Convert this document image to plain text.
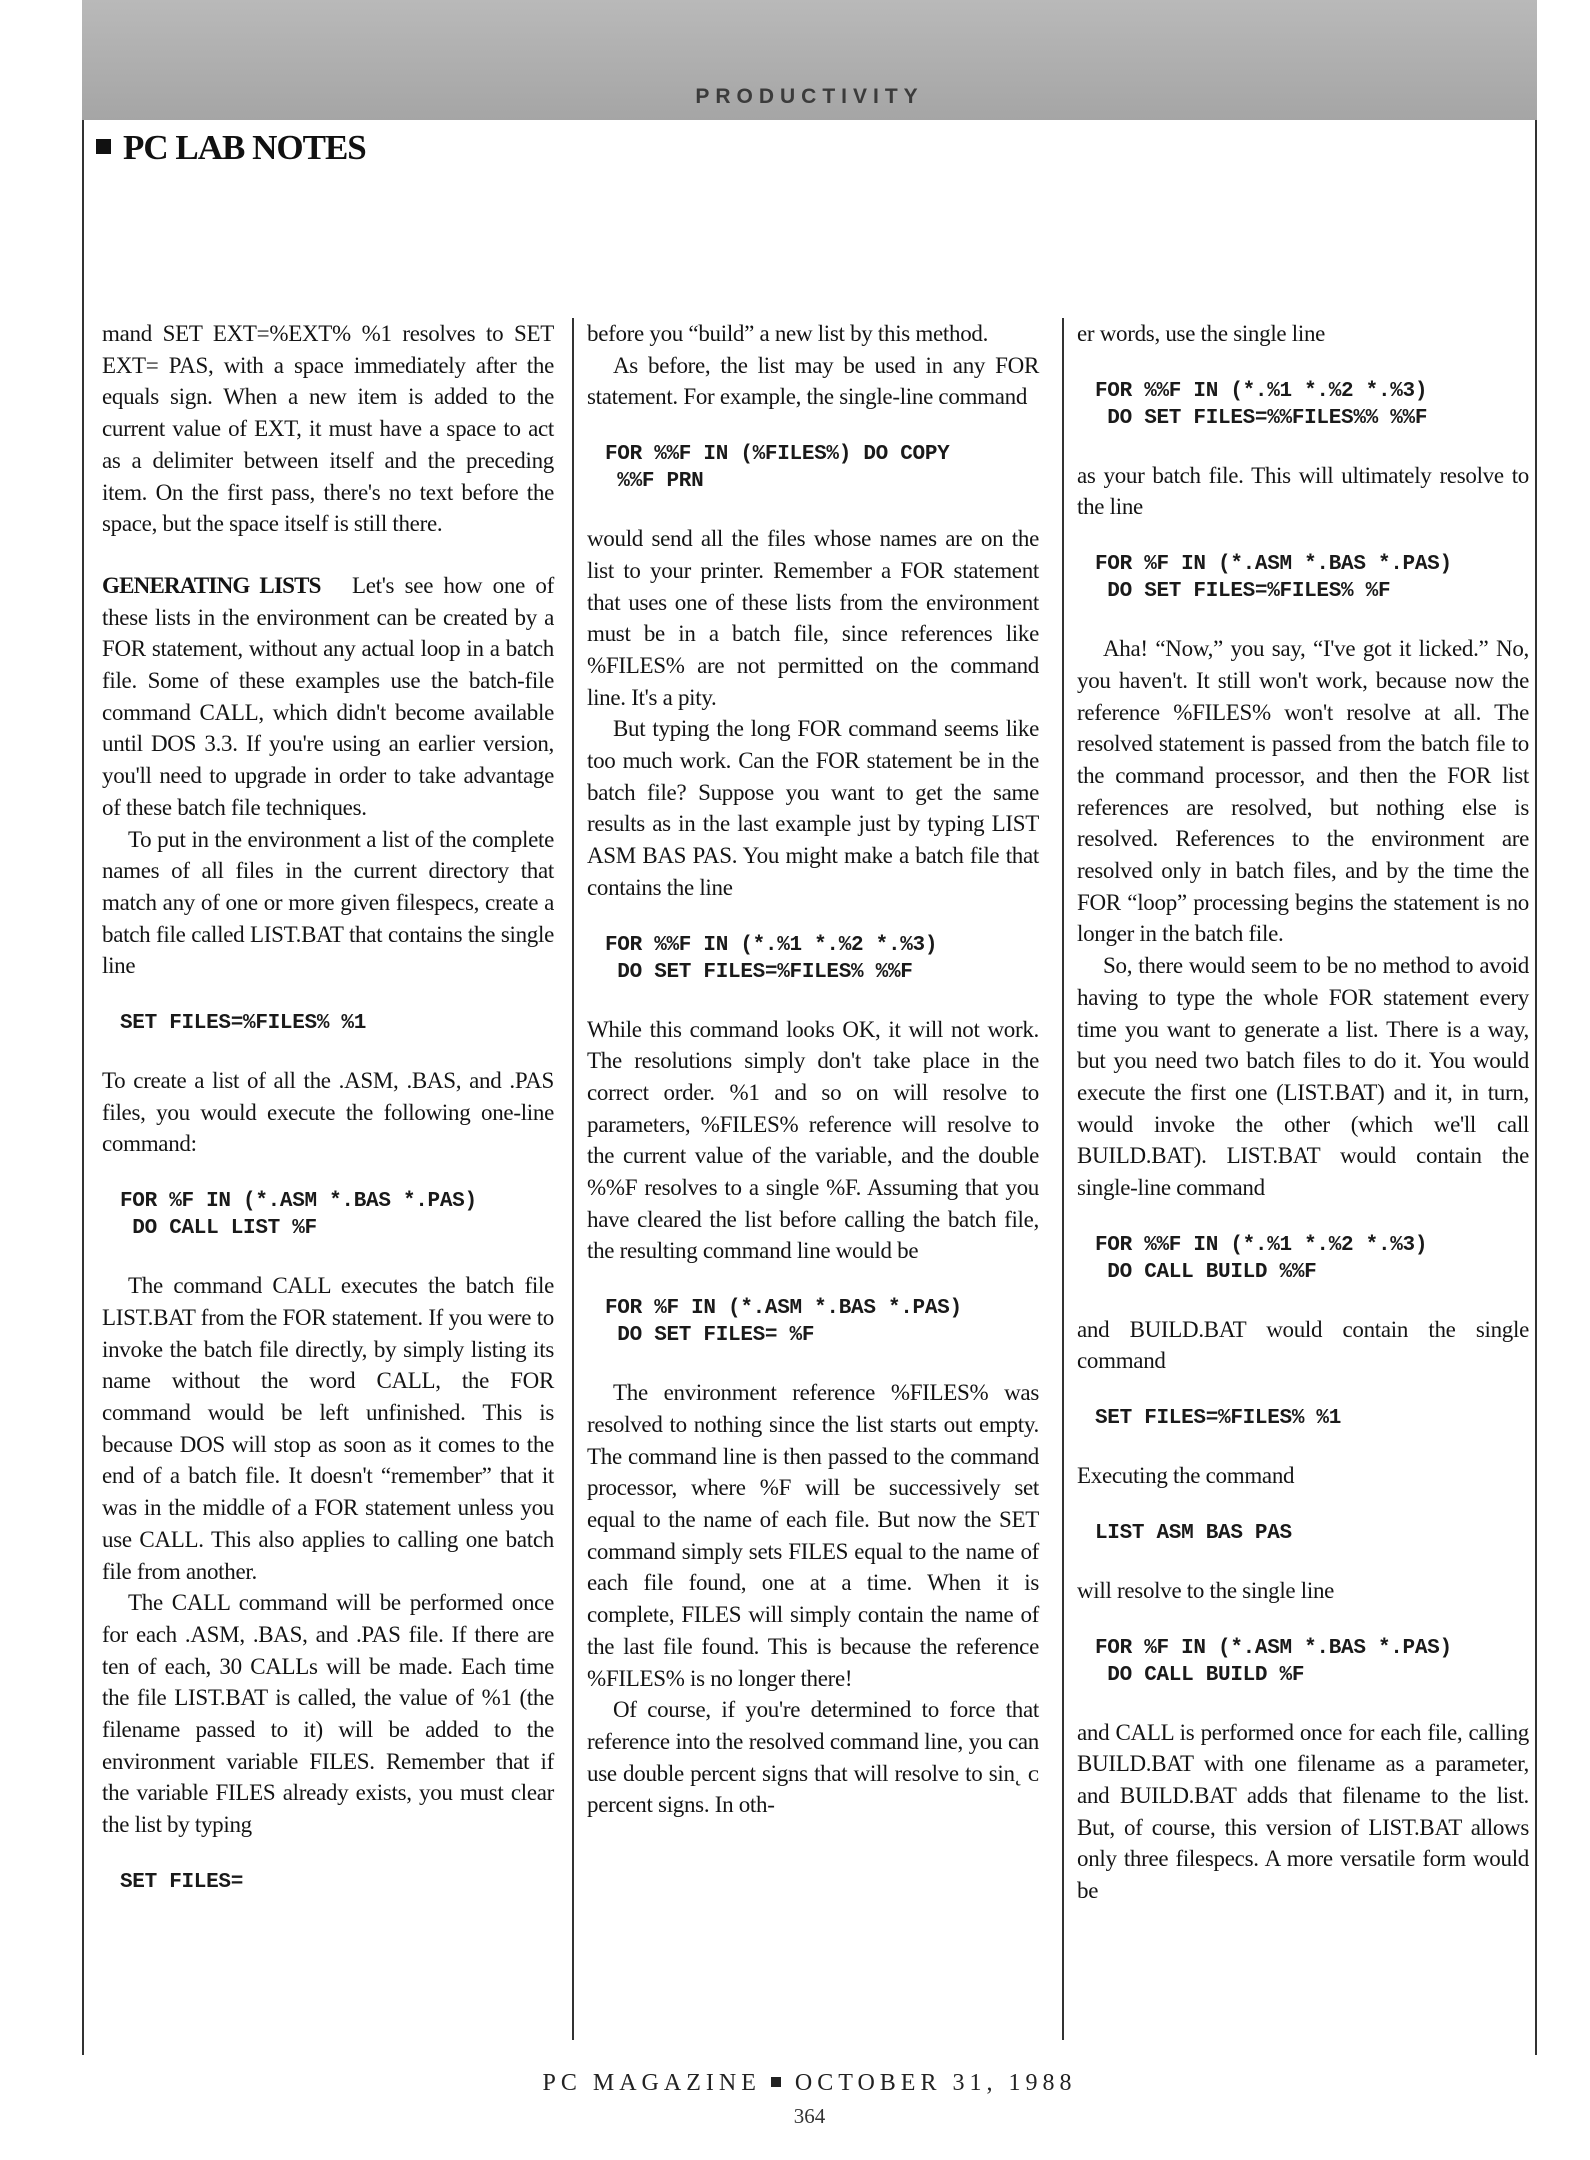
PRODUCTIVITY
PC LAB NOTES

mand SET EXT=%EXT% %1 resolves to SET EXT= PAS, with a space immediately after the equals sign. When a new item is added to the current value of EXT, it must have a space to act as a delimiter between itself and the preceding item. On the first pass, there's no text before the space, but the space itself is still there.

GENERATING LISTS Let's see how one of these lists in the environment can be created by a FOR statement, without any actual loop in a batch file. Some of these examples use the batch-file command CALL, which didn't become available until DOS 3.3. If you're using an earlier version, you'll need to upgrade in order to take advantage of these batch file techniques.

To put in the environment a list of the complete names of all files in the current directory that match any of one or more given filespecs, create a batch file called LIST.BAT that contains the single line

SET FILES=%FILES% %1

To create a list of all the .ASM, .BAS, and .PAS files, you would execute the following one-line command:

FOR %F IN (*.ASM *.BAS *.PAS)
DO CALL LIST %F

The command CALL executes the batch file LIST.BAT from the FOR statement. If you were to invoke the batch file directly, by simply listing its name without the word CALL, the FOR command would be left unfinished. This is because DOS will stop as soon as it comes to the end of a batch file. It doesn't “remember” that it was in the middle of a FOR statement unless you use CALL. This also applies to calling one batch file from another.

The CALL command will be performed once for each .ASM, .BAS, and .PAS file. If there are ten of each, 30 CALLs will be made. Each time the file LIST.BAT is called, the value of %1 (the filename passed to it) will be added to the environment variable FILES. Remember that if the variable FILES already exists, you must clear the list by typing

SET FILES=

before you “build” a new list by this method.

As before, the list may be used in any FOR statement. For example, the single-line command

FOR %%F IN (%FILES%) DO COPY
%%F PRN

would send all the files whose names are on the list to your printer. Remember a FOR statement that uses one of these lists from the environment must be in a batch file, since references like %FILES% are not permitted on the command line. It's a pity.

But typing the long FOR command seems like too much work. Can the FOR statement be in the batch file? Suppose you want to get the same results as in the last example just by typing LIST ASM BAS PAS. You might make a batch file that contains the line

FOR %%F IN (*.%1 *.%2 *.%3)
DO SET FILES=%FILES% %%F

While this command looks OK, it will not work. The resolutions simply don't take place in the correct order. %1 and so on will resolve to parameters, %FILES% reference will resolve to the current value of the variable, and the double %%F resolves to a single %F. Assuming that you have cleared the list before calling the batch file, the resulting command line would be

FOR %F IN (*.ASM *.BAS *.PAS)
DO SET FILES= %F

The environment reference %FILES% was resolved to nothing since the list starts out empty. The command line is then passed to the command processor, where %F will be successively set equal to the name of each file. But now the SET command simply sets FILES equal to the name of each file found, one at a time. When it is complete, FILES will simply contain the name of the last file found. This is because the reference %FILES% is no longer there!

Of course, if you're determined to force that reference into the resolved command line, you can use double percent signs that will resolve to sin˛ ᴄ percent signs. In oth-

er words, use the single line

FOR %%F IN (*.%1 *.%2 *.%3)
DO SET FILES=%%FILES%% %%F

as your batch file. This will ultimately resolve to the line

FOR %F IN (*.ASM *.BAS *.PAS)
DO SET FILES=%FILES% %F

Aha! “Now,” you say, “I've got it licked.” No, you haven't. It still won't work, because now the reference %FILES% won't resolve at all. The resolved statement is passed from the batch file to the command processor, and then the FOR list references are resolved, but nothing else is resolved. References to the environment are resolved only in batch files, and by the time the FOR “loop” processing begins the statement is no longer in the batch file.

So, there would seem to be no method to avoid having to type the whole FOR statement every time you want to generate a list. There is a way, but you need two batch files to do it. You would execute the first one (LIST.BAT) and it, in turn, would invoke the other (which we'll call BUILD.BAT). LIST.BAT would contain the single-line command

FOR %%F IN (*.%1 *.%2 *.%3)
DO CALL BUILD %%F

and BUILD.BAT would contain the single command

SET FILES=%FILES% %1

Executing the command

LIST ASM BAS PAS

will resolve to the single line

FOR %F IN (*.ASM *.BAS *.PAS)
DO CALL BUILD %F

and CALL is performed once for each file, calling BUILD.BAT with one filename as a parameter, and BUILD.BAT adds that filename to the list. But, of course, this version of LIST.BAT allows only three filespecs. A more versatile form would be

PC MAGAZINE OCTOBER 31, 1988
364
